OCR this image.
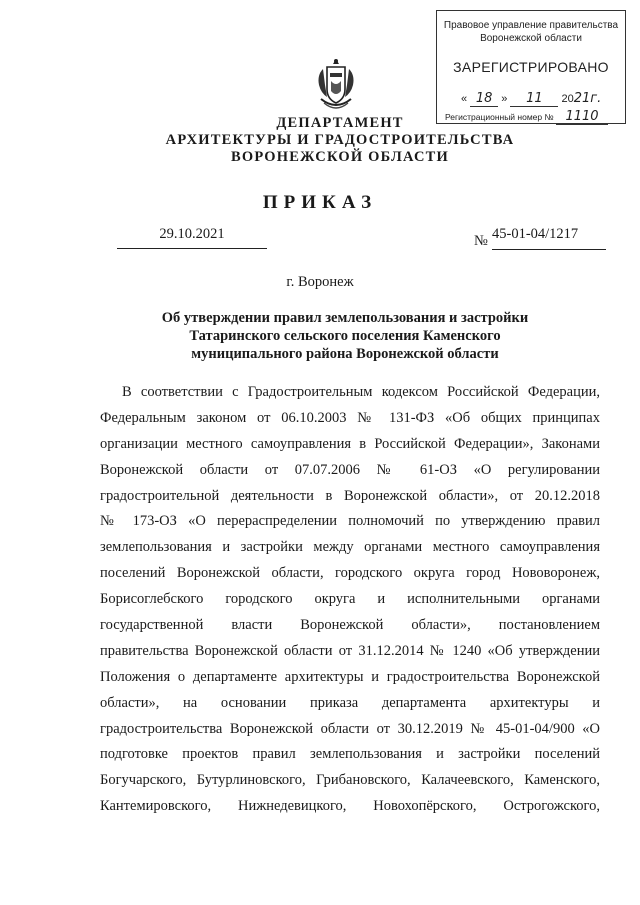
Правовое управление правительства
Воронежской области
ЗАРЕГИСТРИРОВАНО
« 18 » 11 2021г.
Регистрационный номер № 1110
ДЕПАРТАМЕНТ
АРХИТЕКТУРЫ И ГРАДОСТРОИТЕЛЬСТВА
ВОРОНЕЖСКОЙ ОБЛАСТИ
ПРИКАЗ
29.10.2021	№ 45-01-04/1217
г. Воронеж
Об утверждении правил землепользования и застройки
Татаринского сельского поселения Каменского
муниципального района Воронежской области
В соответствии с Градостроительным кодексом Российской Федерации,
Федеральным законом от 06.10.2003 № 131-ФЗ «Об общих принципах
организации местного самоуправления в Российской Федерации», Законами
Воронежской области от 07.07.2006 № 61-ОЗ «О регулировании
градостроительной деятельности в Воронежской области», от 20.12.2018
№ 173-ОЗ «О перераспределении полномочий по утверждению правил
землепользования и застройки между органами местного самоуправления
поселений Воронежской области, городского округа город Нововоронеж,
Борисоглебского городского округа и исполнительными органами
государственной власти Воронежской области», постановлением
правительства Воронежской области от 31.12.2014 № 1240 «Об утверждении
Положения о департаменте архитектуры и градостроительства Воронежской
области», на основании приказа департамента архитектуры и
градостроительства Воронежской области от 30.12.2019 № 45-01-04/900 «О
подготовке проектов правил землепользования и застройки поселений
Богучарского, Бутурлиновского, Грибановского, Калачеевского, Каменского,
Кантемировского, Нижнедевицкого, Новохопёрского, Острогожского,
